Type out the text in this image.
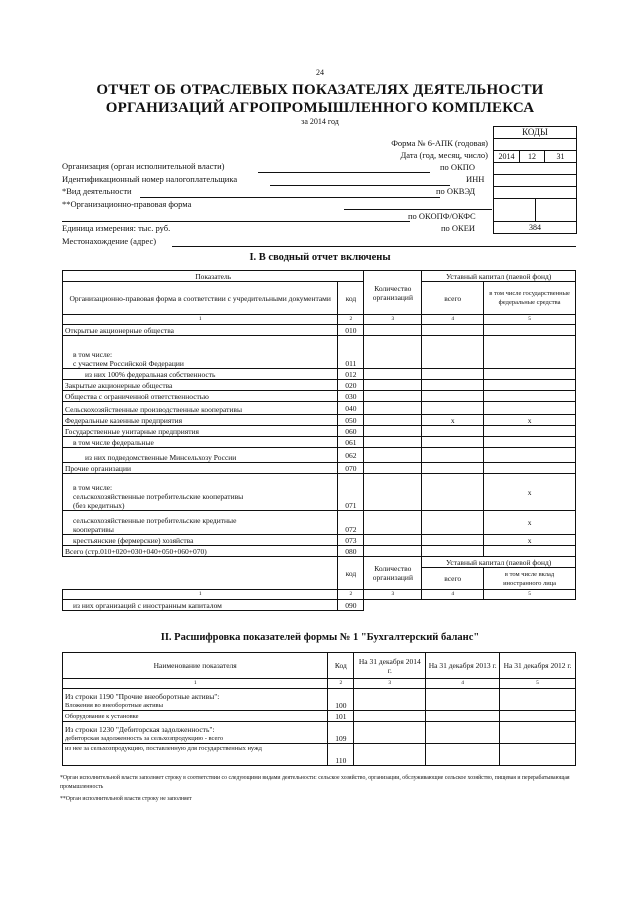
24
ОТЧЕТ ОБ ОТРАСЛЕВЫХ ПОКАЗАТЕЛЯХ ДЕЯТЕЛЬНОСТИ
ОРГАНИЗАЦИЙ АГРОПРОМЫШЛЕННОГО КОМПЛЕКСА
за 2014 год
КОДЫ
2014	12	31
384
Форма № 6-АПК (годовая)
Дата (год, месяц, число)
Организация (орган исполнительной власти)	по ОКПО
Идентификационный номер налогоплательщика	ИНН
*Вид деятельности	по ОКВЭД
**Организационно-правовая форма
по ОКОПФ/ОКФС
Единица измерения: тыс. руб.	по ОКЕИ
Местонахождение (адрес)
I. В сводный отчет включены
Показатель		Количество организаций	Уставный капитал (паевой фонд)	
Организационно-правовая форма в соответствии с учредительными документами	код		всего	в том числе государственные федеральные средства
1	2	3	4	5
Открытые акционерные общества	010			

в том числе:
с участием Российской Федерации	011			
из них 100% федеральная собственность	012			
Закрытые акционерные общества	020			
Общества с ограниченной ответственностью	030			
Сельскохозяйственные производственные кооперативы	040			
Федеральные казенные предприятия	050		x	x
Государственные унитарные предприятия	060			
в том числе федеральные	061			
из них подведомственные Минсельхозу России	062			
Прочие организации	070			

в том числе:
сельскохозяйственные потребительские кооперативы
(без кредитных)	071			x

сельскохозяйственные потребительские кредитные
кооперативы	072			x
крестьянские (фермерские) хозяйства	073			x
Всего (стр.010+020+030+040+050+060+070)	080			
	код	Количество организаций	Уставный капитал (паевой фонд)	
			всего	в том числе вклад иностранного лица
1	2	3	4	5
из них организаций с иностранным капиталом	090			
II. Расшифровка показателей формы № 1 "Бухгалтерский баланс"
Наименование показателя	Код	На 31 декабря 2014 г.	На 31 декабря 2013 г.	На 31 декабря 2012 г.
1	2	3	4	5

Из строки 1190 "Прочие внеоборотные активы":
Вложения во внеоборотные активы	100			
Оборудование к установке	101			

Из строки 1230 "Дебиторская задолженность":
дебиторская задолженность за сельхозпродукцию - всего	109			
из нее за сельхозпродукцию, поставленную для государственных нужд	110			
*Орган исполнительной власти заполняет строку в соответствии со следующими видами деятельности: сельское хозяйство, организации, обслуживающие сельское хозяйство, пищевая и перерабатывающая промышленность
**Орган исполнительной власти строку не заполняет
